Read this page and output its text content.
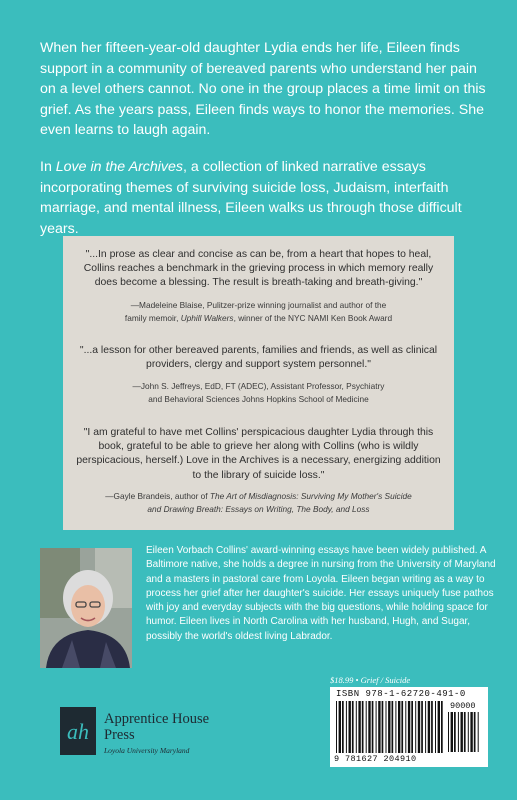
When her fifteen-year-old daughter Lydia ends her life, Eileen finds support in a community of bereaved parents who understand her pain on a level others cannot. No one in the group places a time limit on this grief. As the years pass, Eileen finds ways to honor the memories. She even learns to laugh again.

In Love in the Archives, a collection of linked narrative essays incorporating themes of surviving suicide loss, Judaism, interfaith marriage, and mental illness, Eileen walks us through those difficult years.

"...In prose as clear and concise as can be, from a heart that hopes to heal, Collins reaches a benchmark in the grieving process in which memory really does become a blessing. The result is breath-taking and breath-giving."

—Madeleine Blaise, Pulitzer-prize winning journalist and author of the
family memoir, Uphill Walkers, winner of the NYC NAMI Ken Book Award

"...a lesson for other bereaved parents, families and friends, as well as clinical providers, clergy and support system personnel."

—John S. Jeffreys, EdD, FT (ADEC), Assistant Professor, Psychiatry
and Behavioral Sciences Johns Hopkins School of Medicine

"I am grateful to have met Collins' perspicacious daughter Lydia through this book, grateful to be able to grieve her along with Collins (who is wildly perspicacious, herself.) Love in the Archives is a necessary, energizing addition to the library of suicide loss."

—Gayle Brandeis, author of The Art of Misdiagnosis: Surviving My Mother's Suicide
and Drawing Breath: Essays on Writing, The Body, and Loss

Eileen Vorbach Collins' award-winning essays have been widely published. A Baltimore native, she holds a degree in nursing from the University of Maryland and a masters in pastoral care from Loyola. Eileen began writing as a way to process her grief after her daughter's suicide. Her essays uniquely fuse pathos with joy and everyday subjects with the big questions, while holding space for humor. Eileen lives in North Carolina with her husband, Hugh, and Sugar, possibly the world's oldest living Labrador.

$18.99 • Grief / Suicide
ISBN 978-1-62720-491-0
90000
9 781627 204910
ah Apprentice House Press

Loyola University Maryland
